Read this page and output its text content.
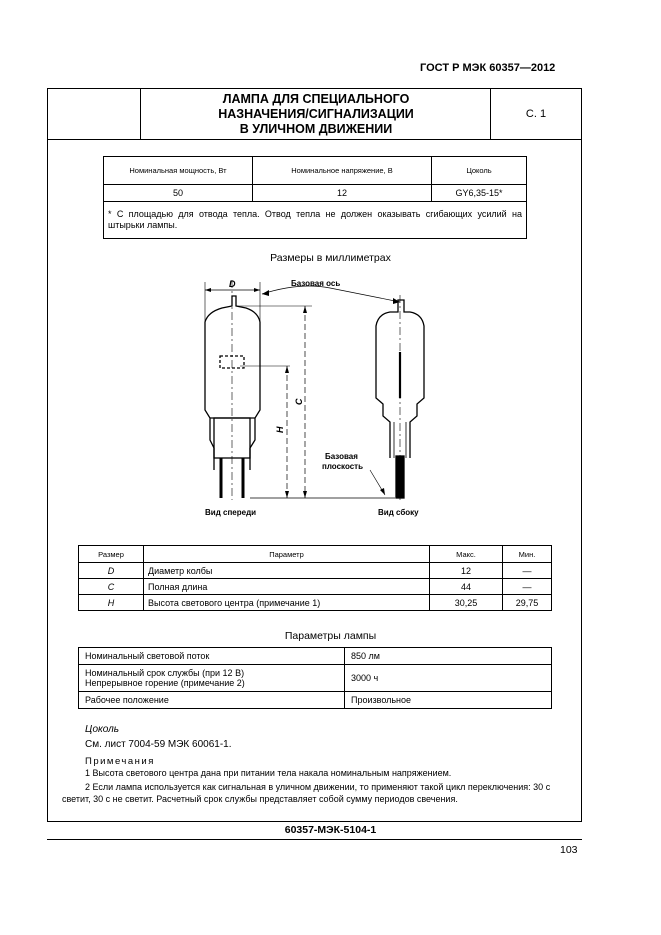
ГОСТ Р МЭК 60357—2012
ЛАМПА ДЛЯ СПЕЦИАЛЬНОГО
НАЗНАЧЕНИЯ/СИГНАЛИЗАЦИИ
В УЛИЧНОМ ДВИЖЕНИИ
С. 1
Номинальная мощность, Вт	Номинальное напряжение, В	Цоколь
50	12	GY6,35-15*
* С площадью для отвода тепла. Отвод тепла не должен оказывать сгибающих усилий на штырьки лампы.		
Размеры в миллиметрах
D	Базовая ось
C
H
Базовая
плоскость
Вид спереди	Вид сбоку
Размер	Параметр	Макс.	Мин.
D	Диаметр колбы	12	—
C	Полная длина	44	—
H	Высота светового центра (примечание 1)	30,25	29,75
Параметры лампы
Номинальный световой поток	850 лм
Номинальный срок службы (при 12 В)
Непрерывное горение (примечание 2)	3000 ч
Рабочее положение	Произвольное
Цоколь
См. лист 7004-59 МЭК 60061-1.
Примечания
1 Высота светового центра дана при питании тела накала номинальным напряжением.
2 Если лампа используется как сигнальная в уличном движении, то применяют такой цикл переключения: 30 с светит, 30 с не светит. Расчетный срок службы представляет собой сумму периодов свечения.
60357-МЭК-5104-1
103
